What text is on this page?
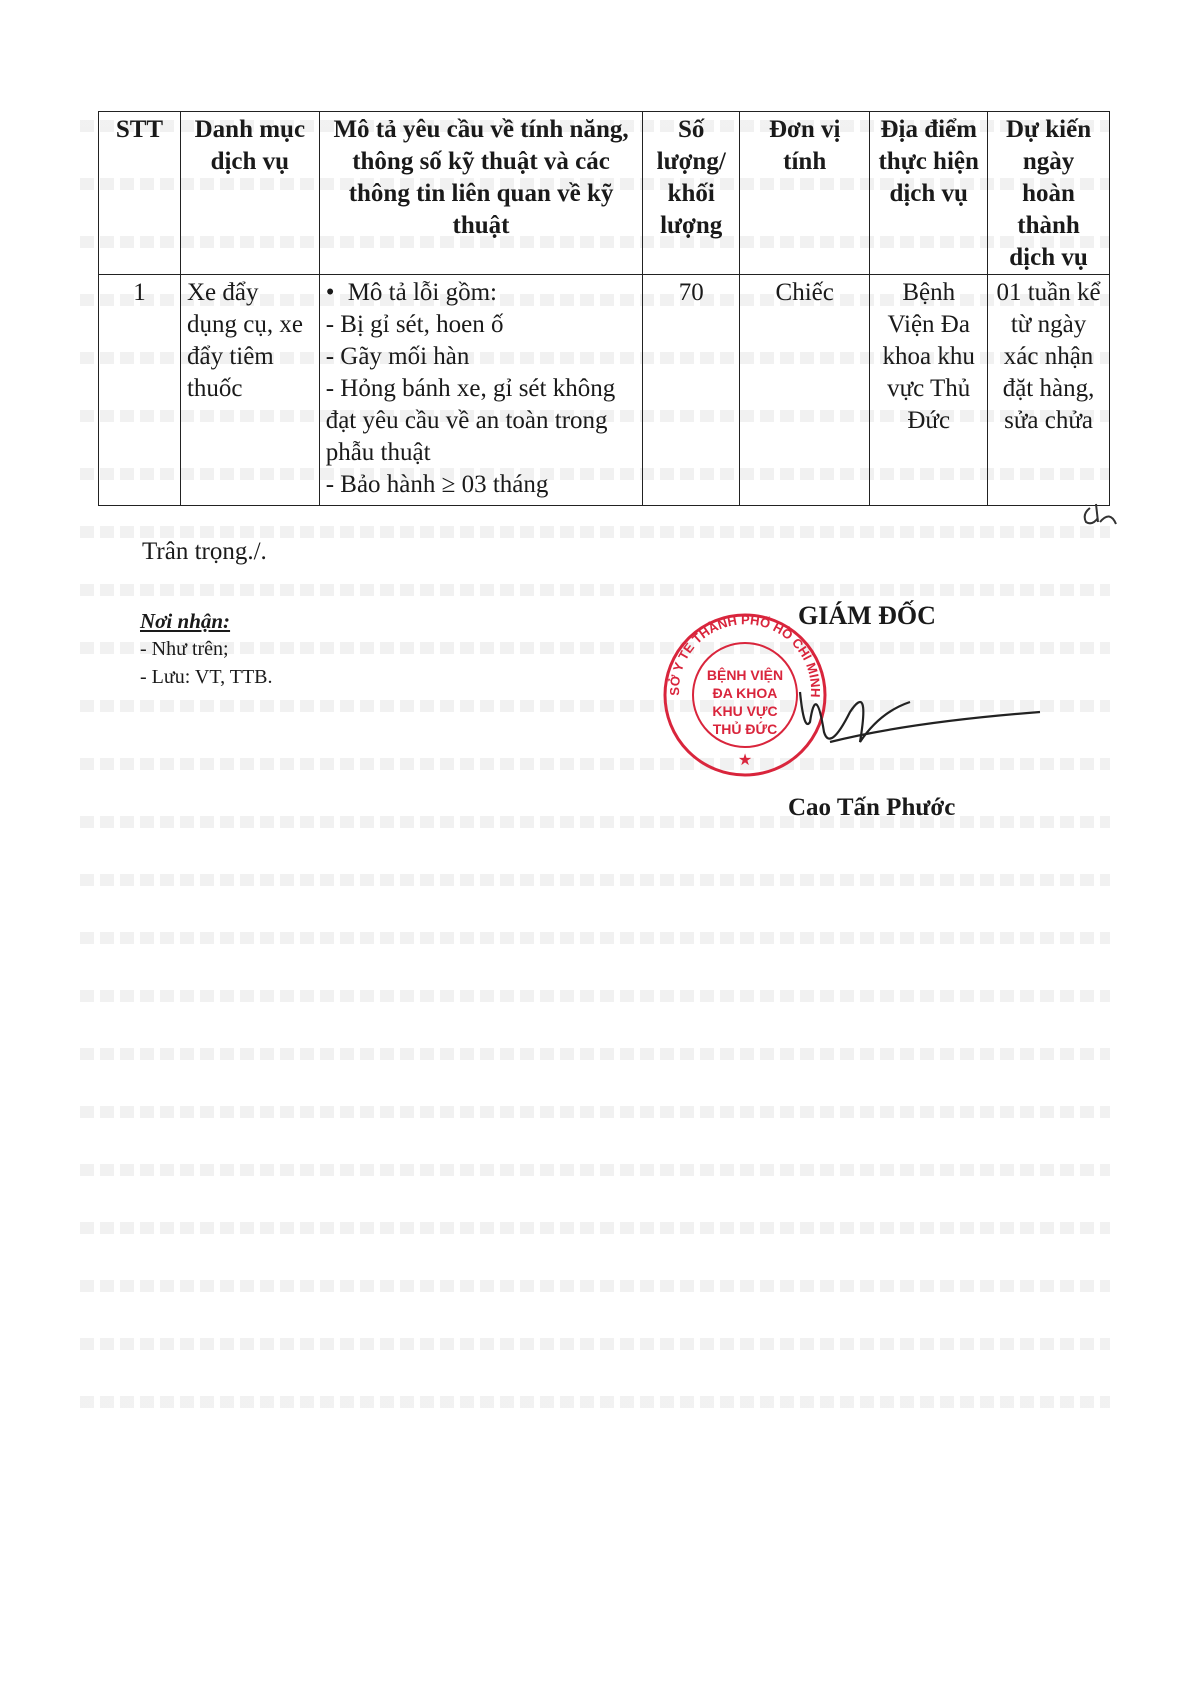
STT	Danh mục dịch vụ	Mô tả yêu cầu về tính năng, thông số kỹ thuật và các thông tin liên quan về kỹ thuật	Số lượng/ khối lượng	Đơn vị tính	Địa điểm thực hiện dịch vụ	Dự kiến ngày hoàn thành dịch vụ
1	Xe đẩy dụng cụ, xe đẩy tiêm thuốc	• Mô tả lỗi gồm:
- Bị gỉ sét, hoen ố
- Gãy mối hàn
- Hỏng bánh xe, gỉ sét không đạt yêu cầu về an toàn trong phẫu thuật
- Bảo hành ≥ 03 tháng	70	Chiếc	Bệnh Viện Đa khoa khu vực Thủ Đức	01 tuần kể từ ngày xác nhận đặt hàng, sửa chửa
Trân trọng./.
Nơi nhận:
- Như trên;
- Lưu: VT, TTB.
GIÁM ĐỐC
BỆNH VIỆN
ĐA KHOA
KHU VỰC
THỦ ĐỨC
SỞ Y TẾ THÀNH PHỐ HỒ CHÍ MINH
★
Cao Tấn Phước
